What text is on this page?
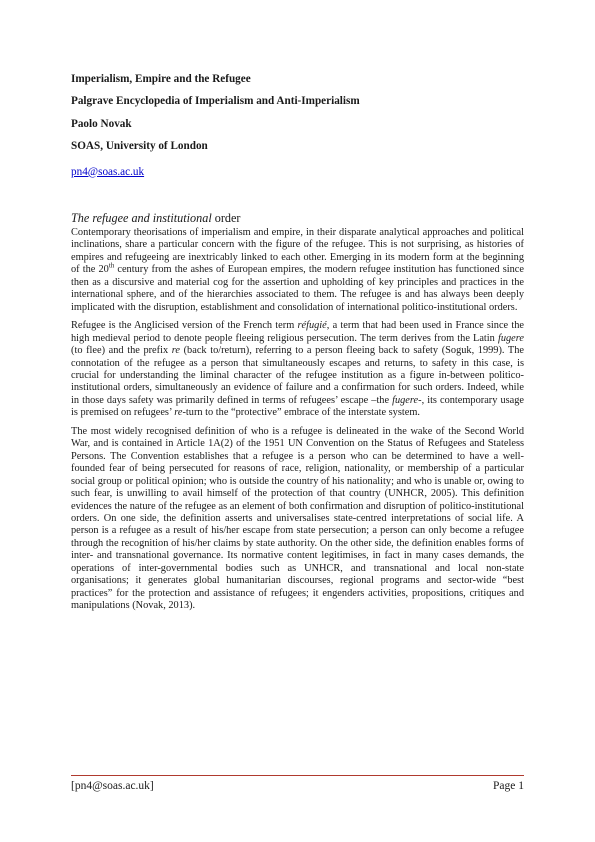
Imperialism, Empire and the Refugee

Palgrave Encyclopedia of Imperialism and Anti-Imperialism

Paolo Novak

SOAS, University of London

pn4@soas.ac.uk
The refugee and institutional order

Contemporary theorisations of imperialism and empire, in their disparate analytical approaches and political inclinations, share a particular concern with the figure of the refugee. This is not surprising, as histories of empires and refugeeing are inextricably linked to each other. Emerging in its modern form at the beginning of the 20th century from the ashes of European empires, the modern refugee institution has functioned since then as a discursive and material cog for the assertion and upholding of key principles and practices in the international sphere, and of the hierarchies associated to them. The refugee is and has always been deeply implicated with the disruption, establishment and consolidation of international politico-institutional orders.

Refugee is the Anglicised version of the French term réfugié, a term that had been used in France since the high medieval period to denote people fleeing religious persecution. The term derives from the Latin fugere (to flee) and the prefix re (back to/return), referring to a person fleeing back to safety (Soguk, 1999). The connotation of the refugee as a person that simultaneously escapes and returns, to safety in this case, is crucial for understanding the liminal character of the refugee institution as a figure in-between politico-institutional orders, simultaneously an evidence of failure and a confirmation for such orders. Indeed, while in those days safety was primarily defined in terms of refugees’ escape –the fugere-, its contemporary usage is premised on refugees’ re-turn to the “protective” embrace of the interstate system.

The most widely recognised definition of who is a refugee is delineated in the wake of the Second World War, and is contained in Article 1A(2) of the 1951 UN Convention on the Status of Refugees and Stateless Persons. The Convention establishes that a refugee is a person who can be determined to have a well-founded fear of being persecuted for reasons of race, religion, nationality, or membership of a particular social group or political opinion; who is outside the country of his nationality; and who is unable or, owing to such fear, is unwilling to avail himself of the protection of that country (UNHCR, 2005). This definition evidences the nature of the refugee as an element of both confirmation and disruption of politico-institutional orders. On one side, the definition asserts and universalises state-centred interpretations of social life. A person is a refugee as a result of his/her escape from state persecution; a person can only become a refugee through the recognition of his/her claims by state authority. On the other side, the definition enables forms of inter- and transnational governance. Its normative content legitimises, in fact in many cases demands, the operations of inter-governmental bodies such as UNHCR, and transnational and local non-state organisations; it generates global humanitarian discourses, regional programs and sector-wide “best practices” for the protection and assistance of refugees; it engenders activities, propositions, critiques and manipulations (Novak, 2013).

[pn4@soas.ac.uk]	Page 1
